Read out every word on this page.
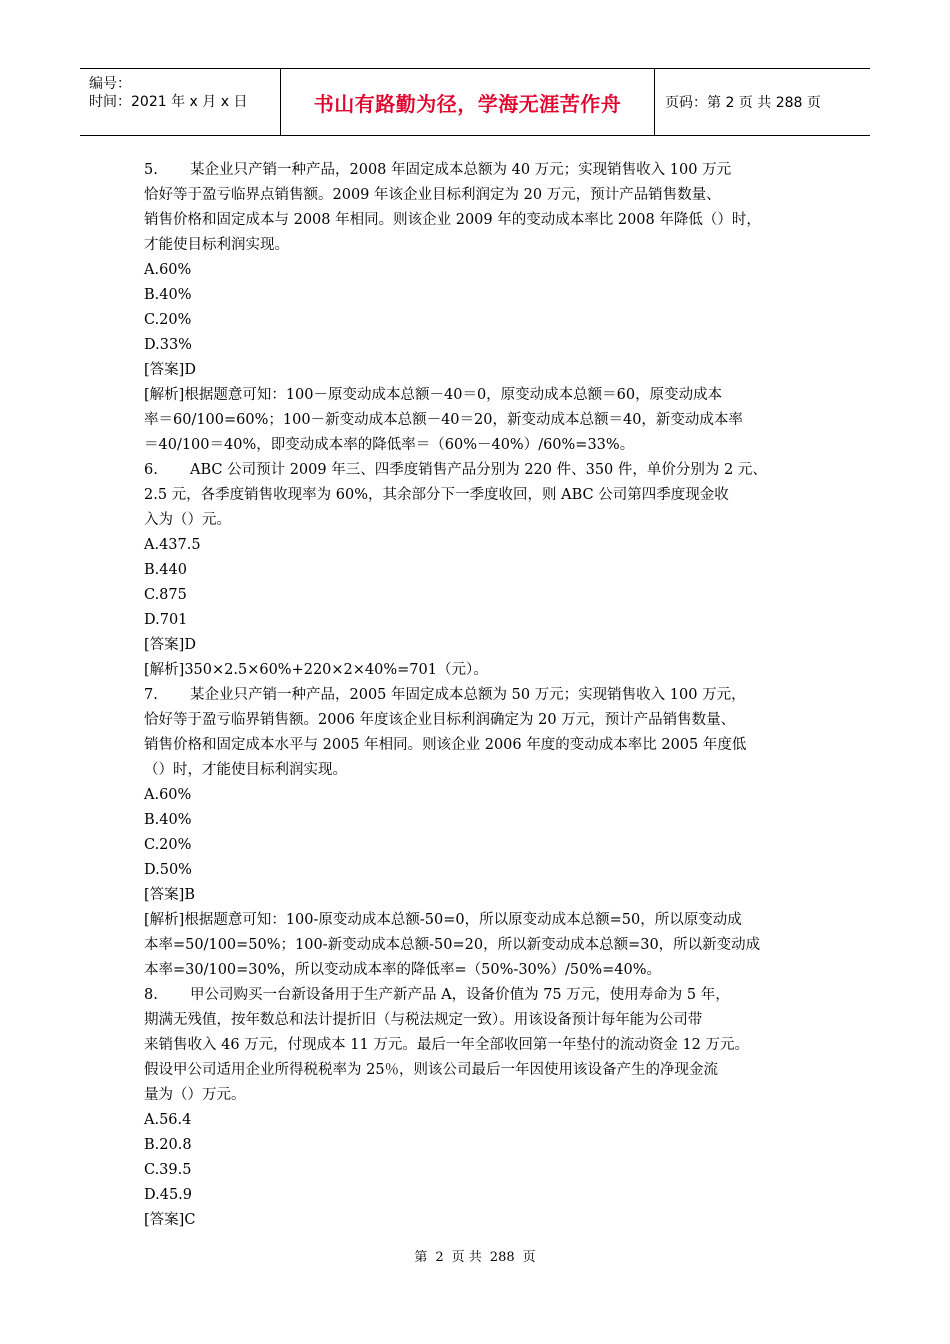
编号：
时间：2021 年 x 月 x 日	书山有路勤为径，学海无涯苦作舟	页码：第 2 页 共 288 页
5. 某企业只产销一种产品，2008 年固定成本总额为 40 万元；实现销售收入 100 万元
恰好等于盈亏临界点销售额。2009 年该企业目标利润定为 20 万元，预计产品销售数量、
销售价格和固定成本与 2008 年相同。则该企业 2009 年的变动成本率比 2008 年降低（）时，
才能使目标利润实现。
A.60%
B.40%
C.20%
D.33%
[答案]D
[解析]根据题意可知：100－原变动成本总额－40＝0，原变动成本总额＝60，原变动成本
率＝60/100=60%；100－新变动成本总额－40＝20，新变动成本总额＝40，新变动成本率
＝40/100＝40%，即变动成本率的降低率＝（60%－40%）/60%=33%。
6. ABC 公司预计 2009 年三、四季度销售产品分别为 220 件、350 件，单价分别为 2 元、
2.5 元，各季度销售收现率为 60%，其余部分下一季度收回，则 ABC 公司第四季度现金收
入为（）元。
A.437.5
B.440
C.875
D.701
[答案]D
[解析]350×2.5×60%+220×2×40%=701（元）。
7. 某企业只产销一种产品，2005 年固定成本总额为 50 万元；实现销售收入 100 万元，
恰好等于盈亏临界销售额。2006 年度该企业目标利润确定为 20 万元，预计产品销售数量、
销售价格和固定成本水平与 2005 年相同。则该企业 2006 年度的变动成本率比 2005 年度低
（）时，才能使目标利润实现。
A.60%
B.40%
C.20%
D.50%
[答案]B
[解析]根据题意可知：100-原变动成本总额-50=0，所以原变动成本总额=50，所以原变动成
本率=50/100=50%；100-新变动成本总额-50=20，所以新变动成本总额=30，所以新变动成
本率=30/100=30%，所以变动成本率的降低率=（50%-30%）/50%=40%。
8. 甲公司购买一台新设备用于生产新产品 A，设备价值为 75 万元，使用寿命为 5 年，
期满无残值，按年数总和法计提折旧（与税法规定一致）。用该设备预计每年能为公司带
来销售收入 46 万元，付现成本 11 万元。最后一年全部收回第一年垫付的流动资金 12 万元。
假设甲公司适用企业所得税税率为 25％，则该公司最后一年因使用该设备产生的净现金流
量为（）万元。
A.56.4
B.20.8
C.39.5
D.45.9
[答案]C
第 2 页 共 288 页
